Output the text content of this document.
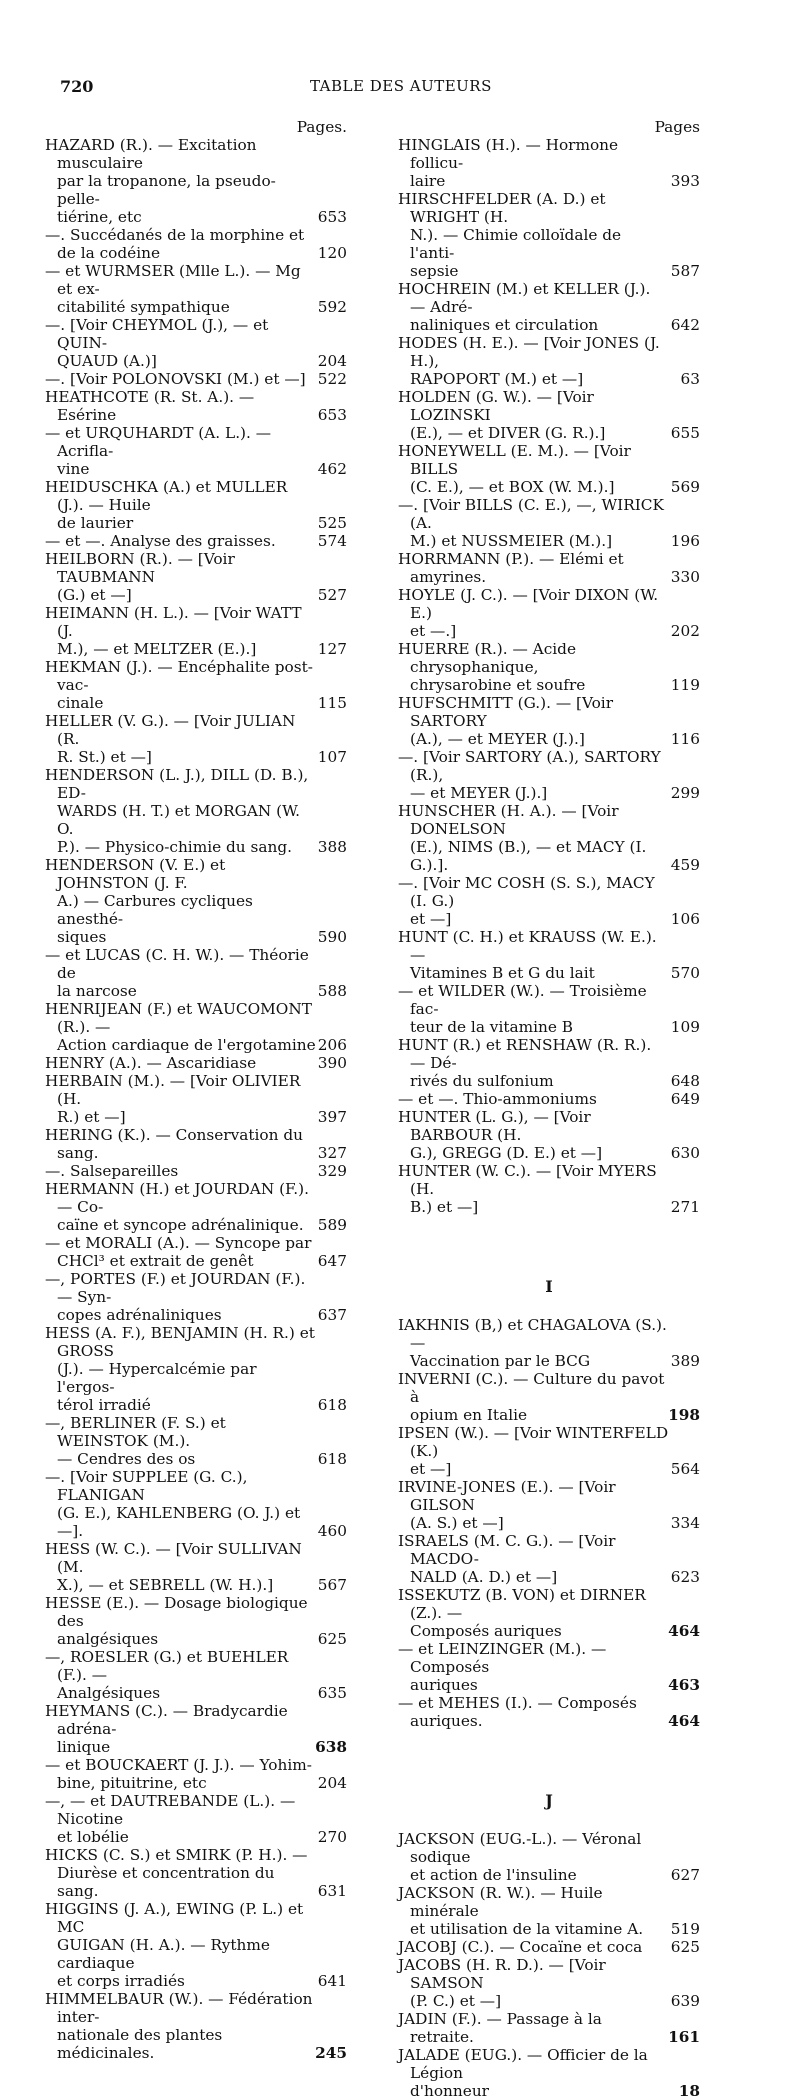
720	TABLE DES AUTEURS
Pages.
HAZARD (R.). — Excitation musculaire
par la tropanone, la pseudo-pelle-
tiérine, etc	653
—. Succédanés de la morphine et
de la codéine	120
— et WURMSER (Mlle L.). — Mg et ex-
citabilité sympathique	592
—. [Voir CHEYMOL (J.), — et QUIN-
QUAUD (A.)]	204
—. [Voir POLONOVSKI (M.) et —] 522
HEATHCOTE (R. St. A.). — Esérine	653
— et URQUHARDT (A. L.). — Acrifla-
vine	462
HEIDUSCHKA (A.) et MULLER (J.). — Huile
de laurier	525
— et —. Analyse des graisses.	574
HEILBORN (R.). — [Voir TAUBMANN
(G.) et —]	527
HEIMANN (H. L.). — [Voir WATT (J.
M.), — et MELTZER (E.).]	127
HEKMAN (J.). — Encéphalite post-vac-
cinale	115
HELLER (V. G.). — [Voir JULIAN (R.
R. St.) et —]	107
HENDERSON (L. J.), DILL (D. B.), ED-
WARDS (H. T.) et MORGAN (W. O.
P.). — Physico-chimie du sang. 388
HENDERSON (V. E.) et JOHNSTON (J. F.
A.) — Carbures cycliques anesthé-
siques	590
— et LUCAS (C. H. W.). — Théorie de
la narcose	588
HENRIJEAN (F.) et WAUCOMONT (R.). —
Action cardiaque de l'ergotamine 206
HENRY (A.). — Ascaridiase	390
HERBAIN (M.). — [Voir OLIVIER (H.
R.) et —]	397
HERING (K.). — Conservation du sang.	327
—. Salsepareilles	329
HERMANN (H.) et JOURDAN (F.). — Co-
caïne et syncope adrénalinique. 589
— et MORALI (A.). — Syncope par
CHCl³ et extrait de genêt	647
—, PORTES (F.) et JOURDAN (F.). — Syn-
copes adrénaliniques	637
HESS (A. F.), BENJAMIN (H. R.) et GROSS
(J.). — Hypercalcémie par l'ergos-
térol irradié	618
—, BERLINER (F. S.) et WEINSTOK (M.).
— Cendres des os	618
—. [Voir SUPPLEE (G. C.), FLANIGAN
(G. E.), KAHLENBERG (O. J.) et —].	460
HESS (W. C.). — [Voir SULLIVAN (M.
X.), — et SEBRELL (W. H.).]	567
HESSE (E.). — Dosage biologique des
analgésiques	625
—, ROESLER (G.) et BUEHLER (F.). —
Analgésiques	635
HEYMANS (C.). — Bradycardie adréna-
linique	638
— et BOUCKAERT (J. J.). — Yohim-
bine, pituitrine, etc	204
—, — et DAUTREBANDE (L.). — Nicotine
et lobélie	270
HICKS (C. S.) et SMIRK (P. H.). —
Diurèse et concentration du sang.	631
HIGGINS (J. A.), EWING (P. L.) et MC
GUIGAN (H. A.). — Rythme cardiaque
et corps irradiés	641
HIMMELBAUR (W.). — Fédération inter-
nationale des plantes médicinales.	245
Pages
HINGLAIS (H.). — Hormone follicu-
laire	393
HIRSCHFELDER (A. D.) et WRIGHT (H.
N.). — Chimie colloïdale de l'anti-
sepsie	587
HOCHREIN (M.) et KELLER (J.). — Adré-
naliniques et circulation	642
HODES (H. E.). — [Voir JONES (J. H.),
RAPOPORT (M.) et —]	63
HOLDEN (G. W.). — [Voir LOZINSKI
(E.), — et DIVER (G. R.).]	655
HONEYWELL (E. M.). — [Voir BILLS
(C. E.), — et BOX (W. M.).]	569
—. [Voir BILLS (C. E.), —, WIRICK (A.
M.) et NUSSMEIER (M.).]	196
HORRMANN (P.). — Elémi et amyrines.	330
HOYLE (J. C.). — [Voir DIXON (W. E.)
et —.]	202
HUERRE (R.). — Acide chrysophanique,
chrysarobine et soufre	119
HUFSCHMITT (G.). — [Voir SARTORY
(A.), — et MEYER (J.).]	116
—. [Voir SARTORY (A.), SARTORY (R.),
— et MEYER (J.).]	299
HUNSCHER (H. A.). — [Voir DONELSON
(E.), NIMS (B.), — et MACY (I. G.).].	459
—. [Voir MC COSH (S. S.), MACY (I. G.)
et —]	106
HUNT (C. H.) et KRAUSS (W. E.). —
Vitamines B et G du lait	570
— et WILDER (W.). — Troisième fac-
teur de la vitamine B	109
HUNT (R.) et RENSHAW (R. R.). — Dé-
rivés du sulfonium	648
— et —. Thio-ammoniums	649
HUNTER (L. G.), — [Voir BARBOUR (H.
G.), GREGG (D. E.) et —]	630
HUNTER (W. C.). — [Voir MYERS (H.
B.) et —]	271
I
IAKHNIS (B,) et CHAGALOVA (S.). —
Vaccination par le BCG	389
INVERNI (C.). — Culture du pavot à
opium en Italie	198
IPSEN (W.). — [Voir WINTERFELD (K.)
et —]	564
IRVINE-JONES (E.). — [Voir GILSON
(A. S.) et —]	334
ISRAELS (M. C. G.). — [Voir MACDO-
NALD (A. D.) et —]	623
ISSEKUTZ (B. VON) et DIRNER (Z.). —
Composés auriques	464
— et LEINZINGER (M.). — Composés
auriques	463
— et MEHES (I.). — Composés auriques.	464
J
JACKSON (EUG.-L.). — Véronal sodique
et action de l'insuline	627
JACKSON (R. W.). — Huile minérale
et utilisation de la vitamine A. 519
JACOBJ (C.). — Cocaïne et coca 625
JACOBS (H. R. D.). — [Voir SAMSON
(P. C.) et —]	639
JADIN (F.). — Passage à la retraite.	161
JALADE (EUG.). — Officier de la Légion
d'honneur	18
